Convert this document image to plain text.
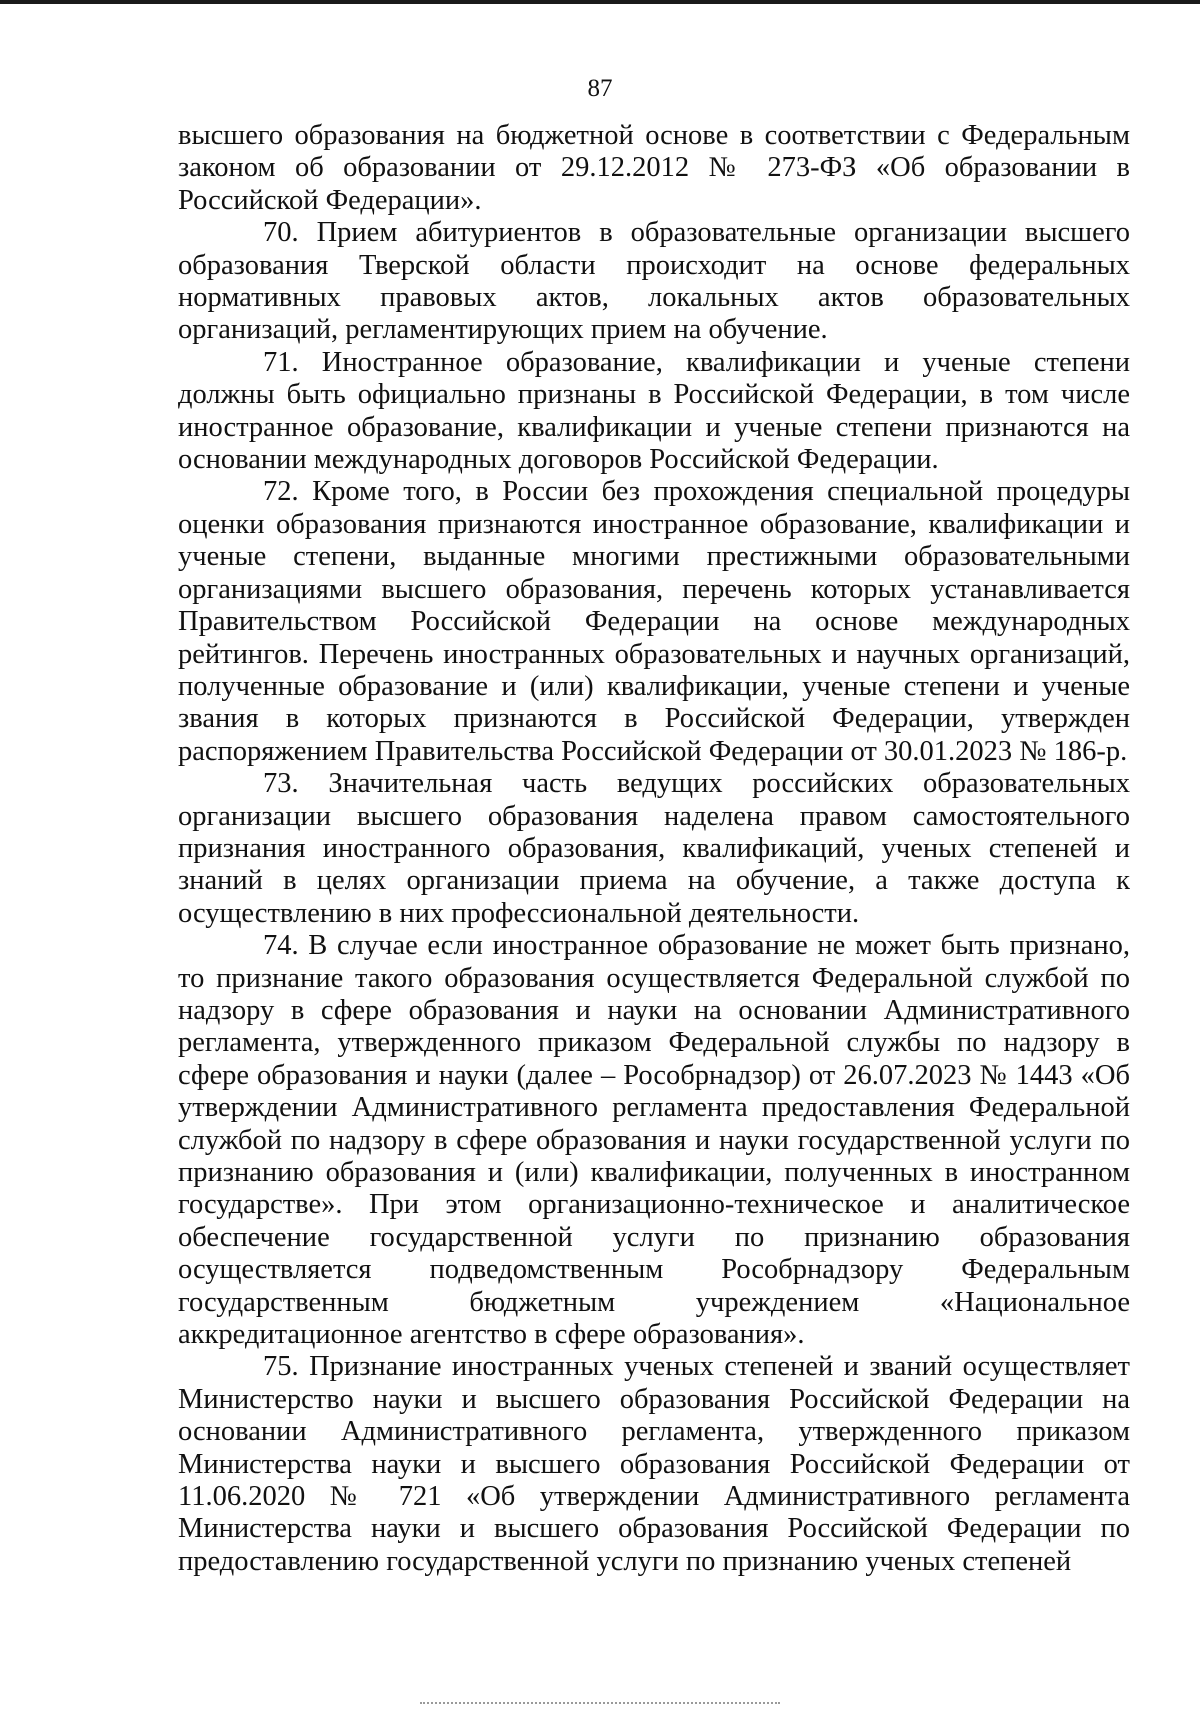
87

высшего образования на бюджетной основе в соответствии с Федеральным законом об образовании от 29.12.2012 № 273-ФЗ «Об образовании в Российской Федерации».

70. Прием абитуриентов в образовательные организации высшего образования Тверской области происходит на основе федеральных нормативных правовых актов, локальных актов образовательных организаций, регламентирующих прием на обучение.

71. Иностранное образование, квалификации и ученые степени должны быть официально признаны в Российской Федерации, в том числе иностранное образование, квалификации и ученые степени признаются на основании международных договоров Российской Федерации.

72. Кроме того, в России без прохождения специальной процедуры оценки образования признаются иностранное образование, квалификации и ученые степени, выданные многими престижными образовательными организациями высшего образования, перечень которых устанавливается Правительством Российской Федерации на основе международных рейтингов. Перечень иностранных образовательных и научных организаций, полученные образование и (или) квалификации, ученые степени и ученые звания в которых признаются в Российской Федерации, утвержден распоряжением Правительства Российской Федерации от 30.01.2023 № 186-р.

73. Значительная часть ведущих российских образовательных организации высшего образования наделена правом самостоятельного признания иностранного образования, квалификаций, ученых степеней и знаний в целях организации приема на обучение, а также доступа к осуществлению в них профессиональной деятельности.

74. В случае если иностранное образование не может быть признано, то признание такого образования осуществляется Федеральной службой по надзору в сфере образования и науки на основании Административного регламента, утвержденного приказом Федеральной службы по надзору в сфере образования и науки (далее – Рособрнадзор) от 26.07.2023 № 1443 «Об утверждении Административного регламента предоставления Федеральной службой по надзору в сфере образования и науки государственной услуги по признанию образования и (или) квалификации, полученных в иностранном государстве». При этом организационно-техническое и аналитическое обеспечение государственной услуги по признанию образования осуществляется подведомственным Рособрнадзору Федеральным государственным бюджетным учреждением «Национальное аккредитационное агентство в сфере образования».

75. Признание иностранных ученых степеней и званий осуществляет Министерство науки и высшего образования Российской Федерации на основании Административного регламента, утвержденного приказом Министерства науки и высшего образования Российской Федерации от 11.06.2020 № 721 «Об утверждении Административного регламента Министерства науки и высшего образования Российской Федерации по предоставлению государственной услуги по признанию ученых степеней
